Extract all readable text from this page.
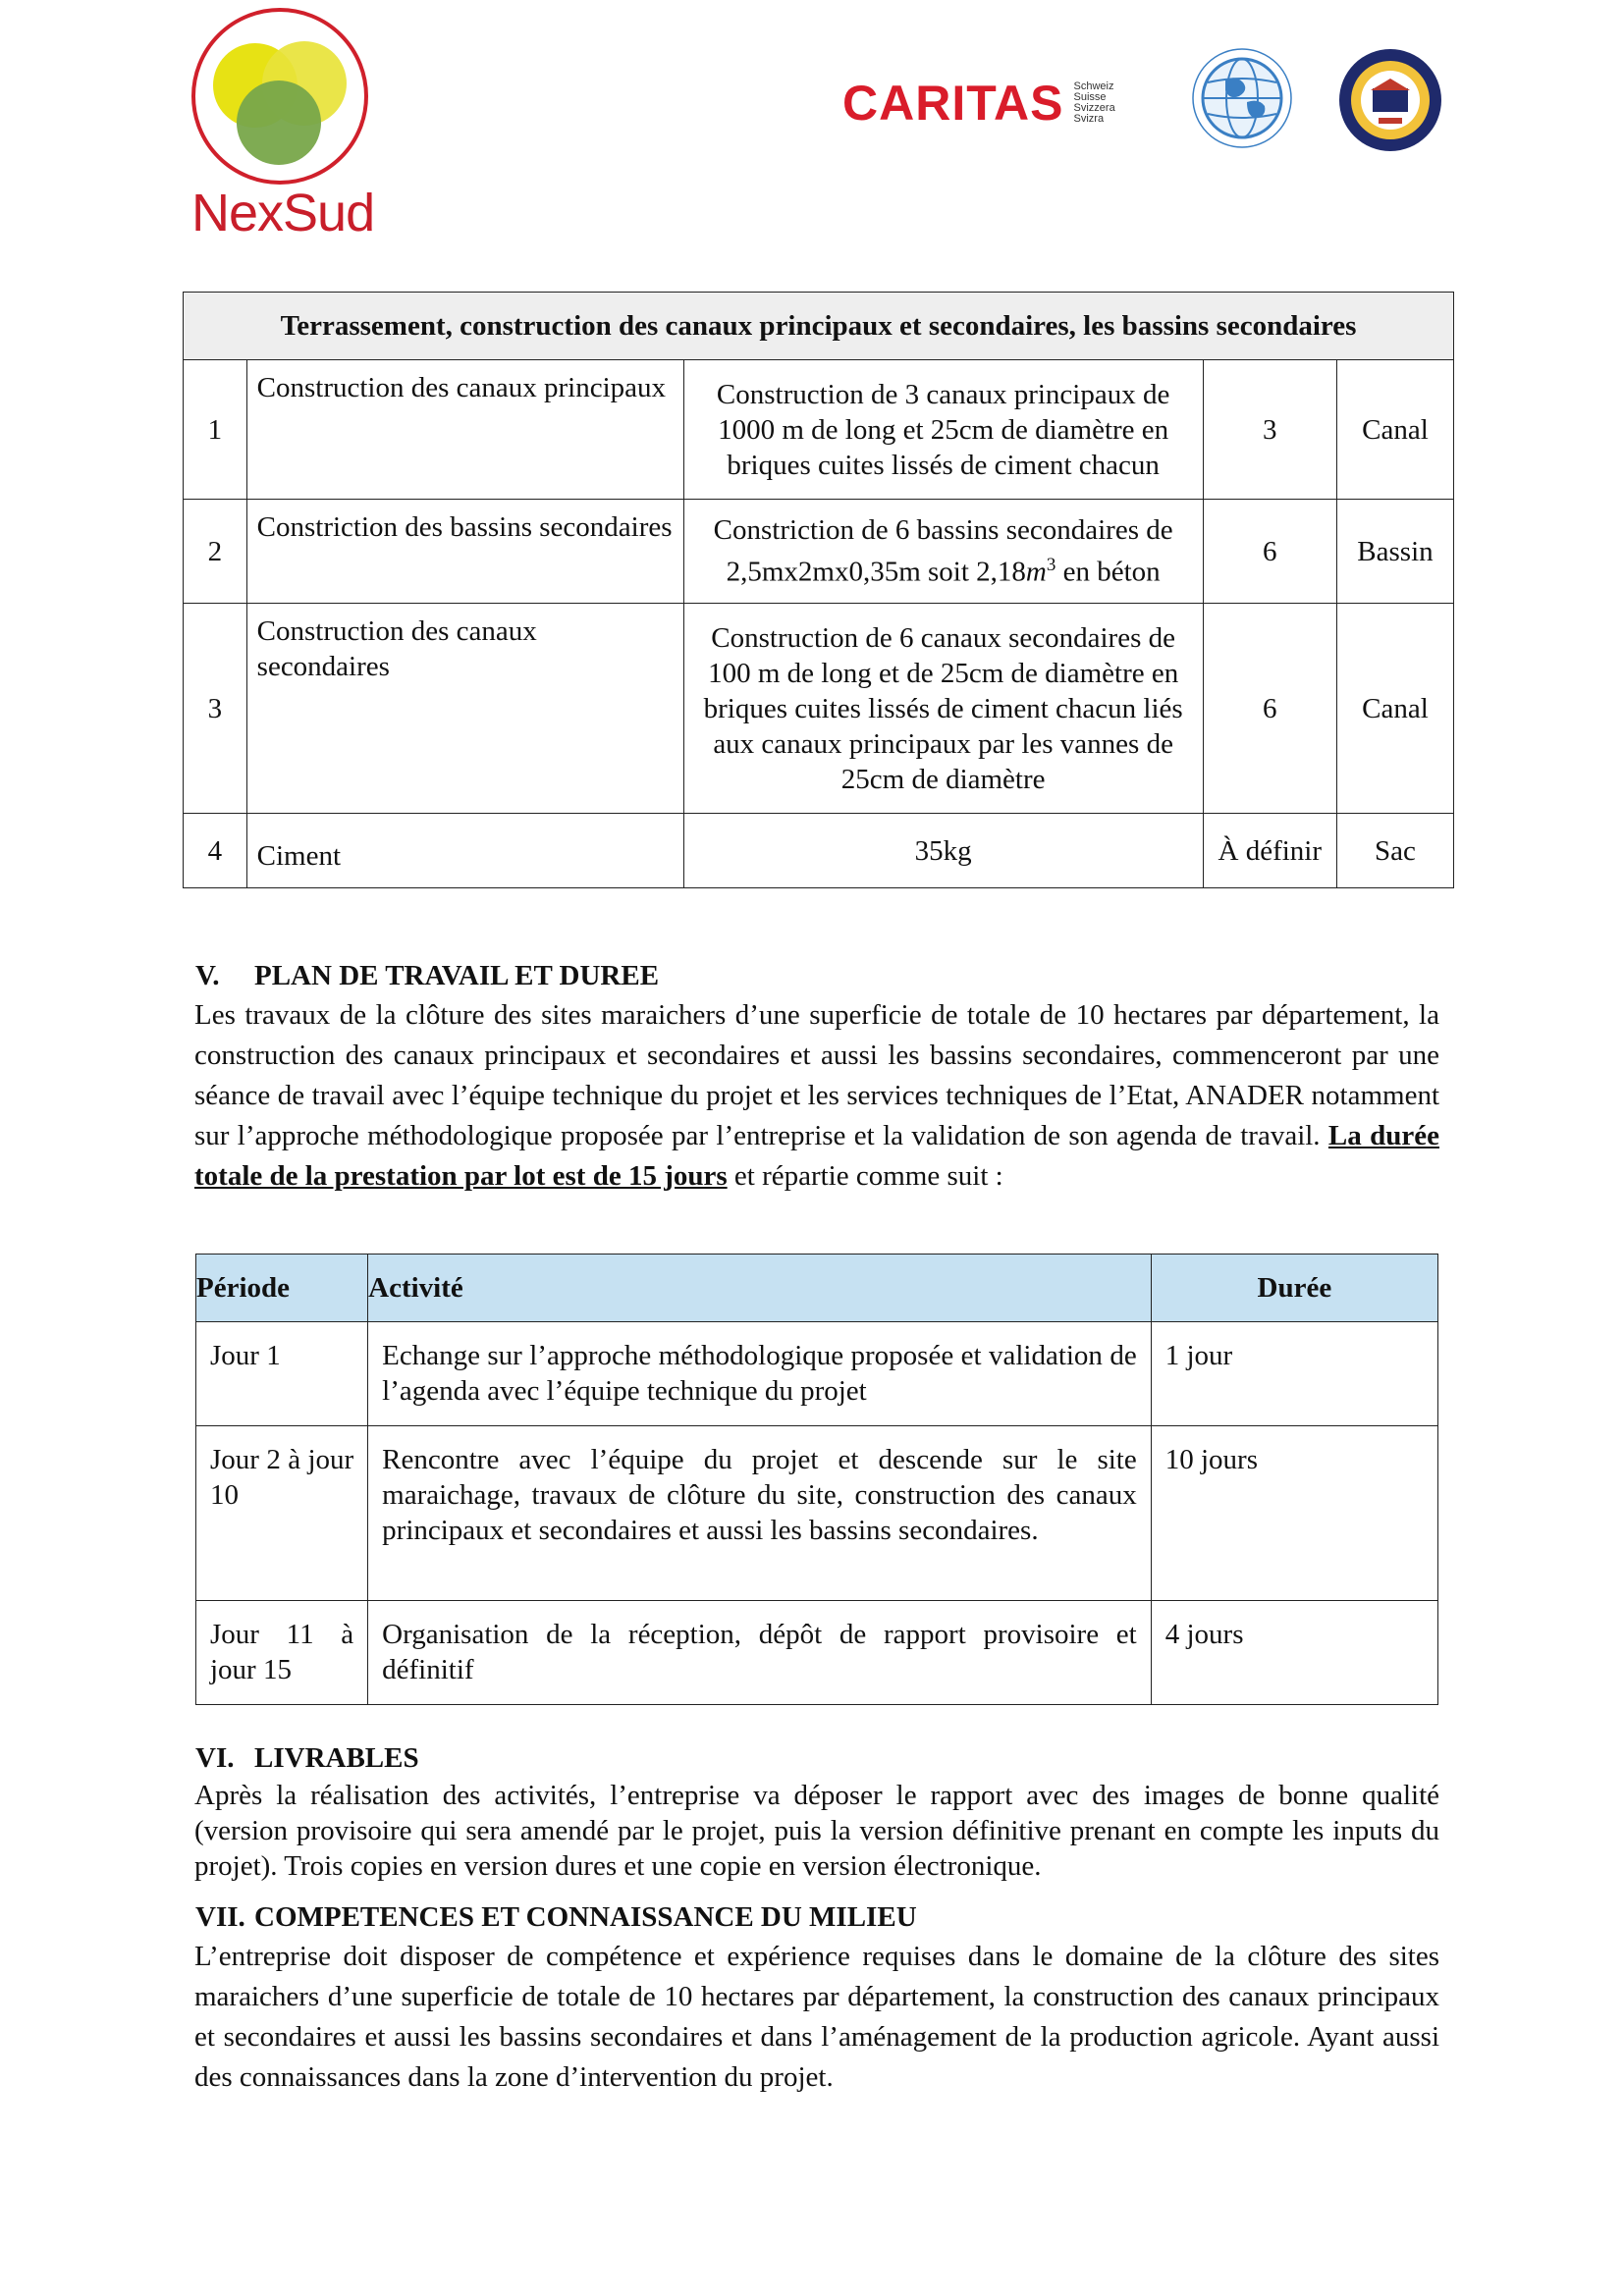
NexSud
CARITAS Schweiz
Suisse
Svizzera
Svizra
Terrassement, construction des canaux principaux et secondaires, les bassins secondaires				
1	Construction des canaux principaux	Construction de 3 canaux principaux de 1000 m de long et 25cm de diamètre en briques cuites lissés de ciment chacun	3	Canal
2	Constriction des bassins secondaires	Constriction de 6 bassins secondaires de 2,5mx2mx0,35m soit $2,18m^3$ en béton	6	Bassin
3	Construction des canaux secondaires	Construction de 6 canaux secondaires de 100 m de long et de 25cm de diamètre en briques cuites lissés de ciment chacun liés aux canaux principaux par les vannes de 25cm de diamètre	6	Canal
4	Ciment	35kg	À définir	Sac
V. PLAN DE TRAVAIL ET DUREE
Les travaux de la clôture des sites maraichers d’une superficie de totale de 10 hectares par département, la construction des canaux principaux et secondaires et aussi les bassins secondaires, commenceront par une séance de travail avec l’équipe technique du projet et les services techniques de l’Etat, ANADER notamment sur l’approche méthodologique proposée par l’entreprise et la validation de son agenda de travail. La durée totale de la prestation par lot est de 15 jours et répartie comme suit :
Période	Activité	Durée
Jour 1	Echange sur l’approche méthodologique proposée et validation de l’agenda avec l’équipe technique du projet	1 jour
Jour 2 à jour 10	Rencontre avec l’équipe du projet et descende sur le site maraichage, travaux de clôture du site, construction des canaux principaux et secondaires et aussi les bassins secondaires.	10 jours
Jour 11 à jour 15	Organisation de la réception, dépôt de rapport provisoire et définitif	4 jours
VI. LIVRABLES
Après la réalisation des activités, l’entreprise va déposer le rapport avec des images de bonne qualité (version provisoire qui sera amendé par le projet, puis la version définitive prenant en compte les inputs du projet). Trois copies en version dures et une copie en version électronique.
VII. COMPETENCES ET CONNAISSANCE DU MILIEU
L’entreprise doit disposer de compétence et expérience requises dans le domaine de la clôture des sites maraichers d’une superficie de totale de 10 hectares par département, la construction des canaux principaux et secondaires et aussi les bassins secondaires et dans l’aménagement de la production agricole. Ayant aussi des connaissances dans la zone d’intervention du projet.
